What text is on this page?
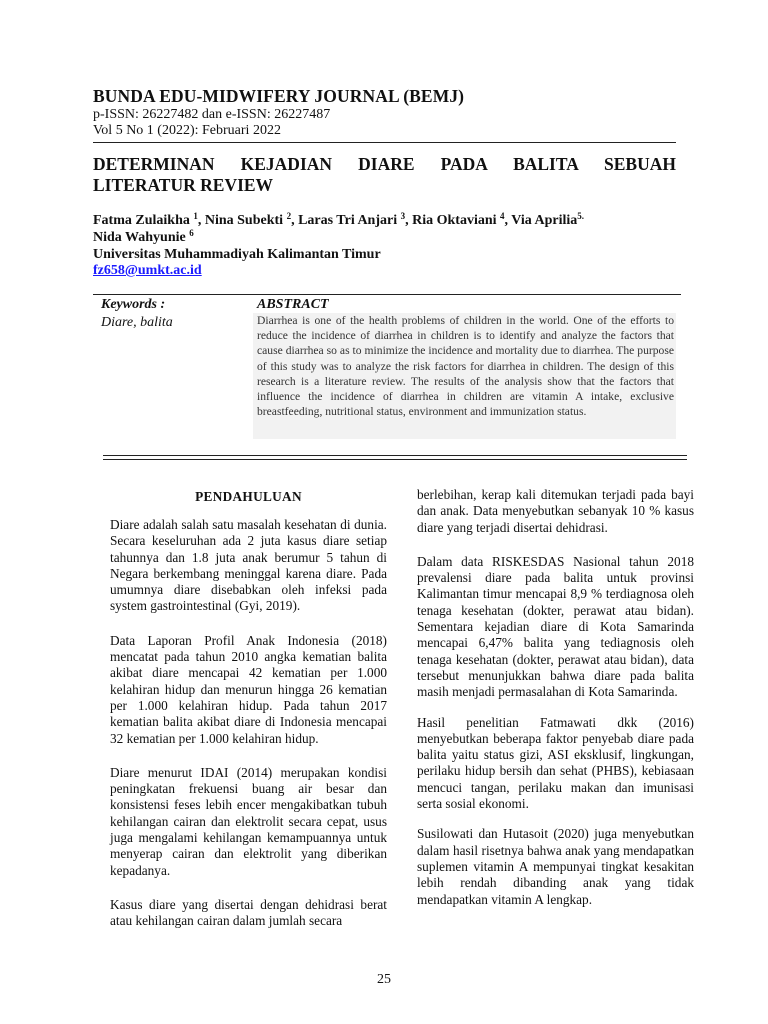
BUNDA EDU-MIDWIFERY JOURNAL (BEMJ)
p-ISSN: 26227482 dan e-ISSN: 26227487
Vol 5 No 1 (2022): Februari 2022
DETERMINAN KEJADIAN DIARE PADA BALITA SEBUAH
LITERATUR REVIEW
Fatma Zulaikha $^1$, Nina Subekti $^2$, Laras Tri Anjari $^3$, Ria Oktaviani $^4$, Via Aprilia$^{5.}$
Nida Wahyunie $^6$
Universitas Muhammadiyah Kalimantan Timur
fz658@umkt.ac.id
Keywords :
Diare, balita
ABSTRACT
Diarrhea is one of the health problems of children in the world. One of the efforts to reduce the incidence of diarrhea in children is to identify and analyze the factors that cause diarrhea so as to minimize the incidence and mortality due to diarrhea. The purpose of this study was to analyze the risk factors for diarrhea in children. The design of this research is a literature review. The results of the analysis show that the factors that influence the incidence of diarrhea in children are vitamin A intake, exclusive breastfeeding, nutritional status, environment and immunization status.
PENDAHULUAN

Diare adalah salah satu masalah kesehatan di dunia. Secara keseluruhan ada 2 juta kasus diare setiap tahunnya dan 1.8 juta anak berumur 5 tahun di Negara berkembang meninggal karena diare. Pada umumnya diare disebabkan oleh infeksi pada system gastrointestinal (Gyi, 2019).

Data Laporan Profil Anak Indonesia (2018) mencatat pada tahun 2010 angka kematian balita akibat diare mencapai 42 kematian per 1.000 kelahiran hidup dan menurun hingga 26 kematian per 1.000 kelahiran hidup. Pada tahun 2017 kematian balita akibat diare di Indonesia mencapai 32 kematian per 1.000 kelahiran hidup.

Diare menurut IDAI (2014) merupakan kondisi peningkatan frekuensi buang air besar dan konsistensi feses lebih encer mengakibatkan tubuh kehilangan cairan dan elektrolit secara cepat, usus juga mengalami kehilangan kemampuannya untuk menyerap cairan dan elektrolit yang diberikan kepadanya.

Kasus diare yang disertai dengan dehidrasi berat atau kehilangan cairan dalam jumlah secara

berlebihan, kerap kali ditemukan terjadi pada bayi dan anak. Data menyebutkan sebanyak 10 % kasus diare yang terjadi disertai dehidrasi.

Dalam data RISKESDAS Nasional tahun 2018 prevalensi diare pada balita untuk provinsi Kalimantan timur mencapai 8,9 % terdiagnosa oleh tenaga kesehatan (dokter, perawat atau bidan). Sementara kejadian diare di Kota Samarinda mencapai 6,47% balita yang tediagnosis oleh tenaga kesehatan (dokter, perawat atau bidan), data tersebut menunjukkan bahwa diare pada balita masih menjadi permasalahan di Kota Samarinda.

Hasil penelitian Fatmawati dkk (2016) menyebutkan beberapa faktor penyebab diare pada balita yaitu status gizi, ASI eksklusif, lingkungan, perilaku hidup bersih dan sehat (PHBS), kebiasaan mencuci tangan, perilaku makan dan imunisasi serta sosial ekonomi.

Susilowati dan Hutasoit (2020) juga menyebutkan dalam hasil risetnya bahwa anak yang mendapatkan suplemen vitamin A mempunyai tingkat kesakitan lebih rendah dibanding anak yang tidak mendapatkan vitamin A lengkap.

25
